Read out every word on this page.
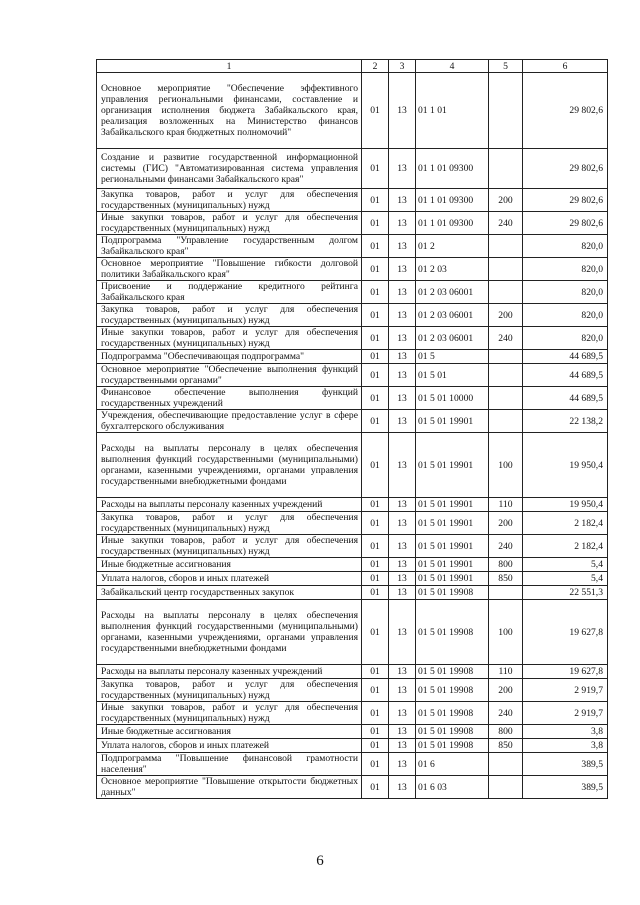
1	2	3	4	5	6
Основное мероприятие "Обеспечение эффективного управления региональными финансами, составление и организация исполнения бюджета Забайкальского края, реализация возложенных на Министерство финансов Забайкальского края бюджетных полномочий"	01	13	01 1 01		29 802,6
Создание и развитие государственной информационной системы (ГИС) "Автоматизированная система управления региональными финансами Забайкальского края"	01	13	01 1 01 09300		29 802,6
Закупка товаров, работ и услуг для обеспечения государственных (муниципальных) нужд	01	13	01 1 01 09300	200	29 802,6
Иные закупки товаров, работ и услуг для обеспечения государственных (муниципальных) нужд	01	13	01 1 01 09300	240	29 802,6
Подпрограмма "Управление государственным долгом Забайкальского края"	01	13	01 2		820,0
Основное мероприятие "Повышение гибкости долговой политики Забайкальского края"	01	13	01 2 03		820,0
Присвоение и поддержание кредитного рейтинга Забайкальского края	01	13	01 2 03 06001		820,0
Закупка товаров, работ и услуг для обеспечения государственных (муниципальных) нужд	01	13	01 2 03 06001	200	820,0
Иные закупки товаров, работ и услуг для обеспечения государственных (муниципальных) нужд	01	13	01 2 03 06001	240	820,0
Подпрограмма "Обеспечивающая подпрограмма"	01	13	01 5		44 689,5
Основное мероприятие "Обеспечение выполнения функций государственными органами"	01	13	01 5 01		44 689,5
Финансовое обеспечение выполнения функций государственных учреждений	01	13	01 5 01 10000		44 689,5
Учреждения, обеспечивающие предоставление услуг в сфере бухгалтерского обслуживания	01	13	01 5 01 19901		22 138,2
Расходы на выплаты персоналу в целях обеспечения выполнения функций государственными (муниципальными) органами, казенными учреждениями, органами управления государственными внебюджетными фондами	01	13	01 5 01 19901	100	19 950,4
Расходы на выплаты персоналу казенных учреждений	01	13	01 5 01 19901	110	19 950,4
Закупка товаров, работ и услуг для обеспечения государственных (муниципальных) нужд	01	13	01 5 01 19901	200	2 182,4
Иные закупки товаров, работ и услуг для обеспечения государственных (муниципальных) нужд	01	13	01 5 01 19901	240	2 182,4
Иные бюджетные ассигнования	01	13	01 5 01 19901	800	5,4
Уплата налогов, сборов и иных платежей	01	13	01 5 01 19901	850	5,4
Забайкальский центр государственных закупок	01	13	01 5 01 19908		22 551,3
Расходы на выплаты персоналу в целях обеспечения выполнения функций государственными (муниципальными) органами, казенными учреждениями, органами управления государственными внебюджетными фондами	01	13	01 5 01 19908	100	19 627,8
Расходы на выплаты персоналу казенных учреждений	01	13	01 5 01 19908	110	19 627,8
Закупка товаров, работ и услуг для обеспечения государственных (муниципальных) нужд	01	13	01 5 01 19908	200	2 919,7
Иные закупки товаров, работ и услуг для обеспечения государственных (муниципальных) нужд	01	13	01 5 01 19908	240	2 919,7
Иные бюджетные ассигнования	01	13	01 5 01 19908	800	3,8
Уплата налогов, сборов и иных платежей	01	13	01 5 01 19908	850	3,8
Подпрограмма "Повышение финансовой грамотности населения"	01	13	01 6		389,5
Основное мероприятие "Повышение открытости бюджетных данных"	01	13	01 6 03		389,5
6
